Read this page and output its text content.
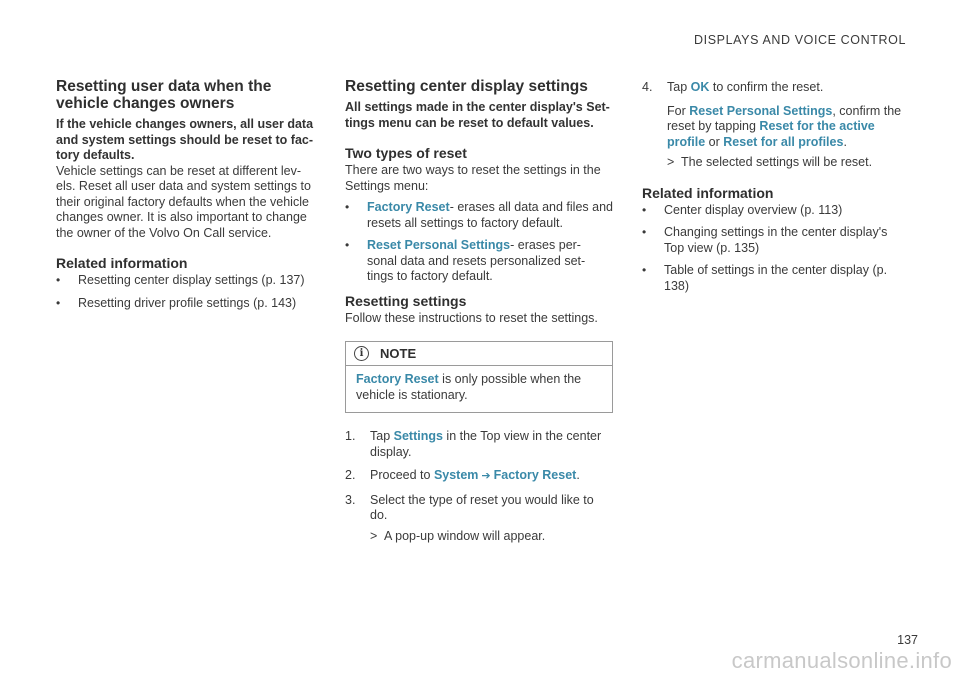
DISPLAYS AND VOICE CONTROL
Resetting user data when the vehicle changes owners

If the vehicle changes owners, all user data and system settings should be reset to fac- tory defaults.

Vehicle settings can be reset at different lev- els. Reset all user data and system settings to their original factory defaults when the vehicle changes owner. It is also important to change the owner of the Volvo On Call service.

Related information
• Resetting center display settings (p. 137)
• Resetting driver profile settings (p. 143)
Resetting center display settings

All settings made in the center display's Set- tings menu can be reset to default values.

Two types of reset

There are two ways to reset the settings in the Settings menu:

• Factory Reset- erases all data and files and resets all settings to factory default.
• Reset Personal Settings- erases per- sonal data and resets personalized set- tings to factory default.
Resetting settings

Follow these instructions to reset the settings.

i	NOTE
Factory Reset is only possible when the vehicle is stationary.
1. Tap Settings in the Top view in the center display.
2. Proceed to System ➔ Factory Reset.
3. Select the type of reset you would like to do.
> A pop-up window will appear.
4. Tap OK to confirm the reset.
For Reset Personal Settings, confirm the reset by tapping Reset for the active profile or Reset for all profiles.
> The selected settings will be reset.
Related information
• Center display overview (p. 113)
• Changing settings in the center display's Top view (p. 135)
• Table of settings in the center display (p. 138)
137
carmanualsonline.info
